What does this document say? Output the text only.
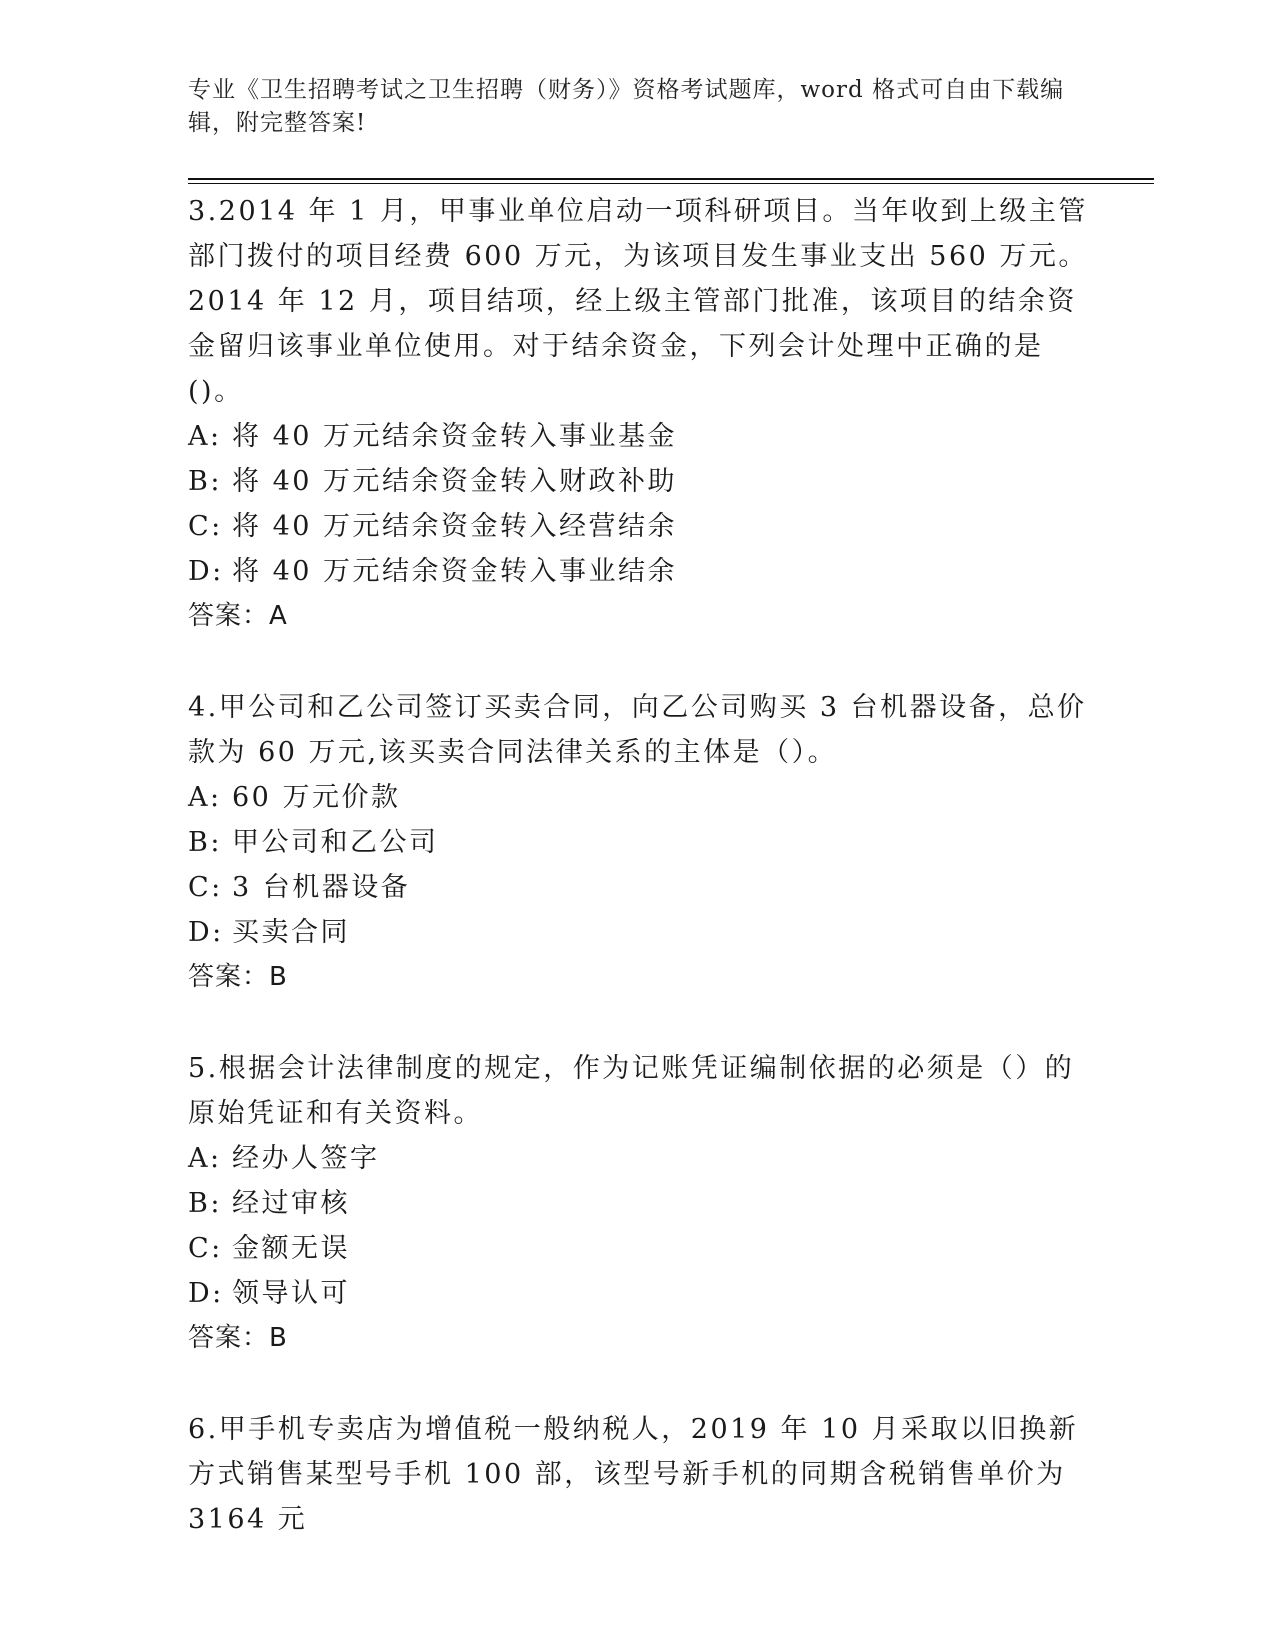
专业《卫生招聘考试之卫生招聘（财务）》资格考试题库，word 格式可自由下载编辑，附完整答案!

3.2014 年 1 月，甲事业单位启动一项科研项目。当年收到上级主管部门拨付的项目经费 600 万元，为该项目发生事业支出 560 万元。2014 年 12 月，项目结项，经上级主管部门批准，该项目的结余资金留归该事业单位使用。对于结余资金，下列会计处理中正确的是()。

A: 将 40 万元结余资金转入事业基金

B: 将 40 万元结余资金转入财政补助

C: 将 40 万元结余资金转入经营结余

D: 将 40 万元结余资金转入事业结余

答案：A

4.甲公司和乙公司签订买卖合同，向乙公司购买 3 台机器设备，总价款为 60 万元,该买卖合同法律关系的主体是（）。

A: 60 万元价款

B: 甲公司和乙公司

C: 3 台机器设备

D: 买卖合同

答案：B

5.根据会计法律制度的规定，作为记账凭证编制依据的必须是（）的原始凭证和有关资料。

A: 经办人签字

B: 经过审核

C: 金额无误

D: 领导认可

答案：B

6.甲手机专卖店为增值税一般纳税人，2019 年 10 月采取以旧换新方式销售某型号手机 100 部，该型号新手机的同期含税销售单价为 3164 元
